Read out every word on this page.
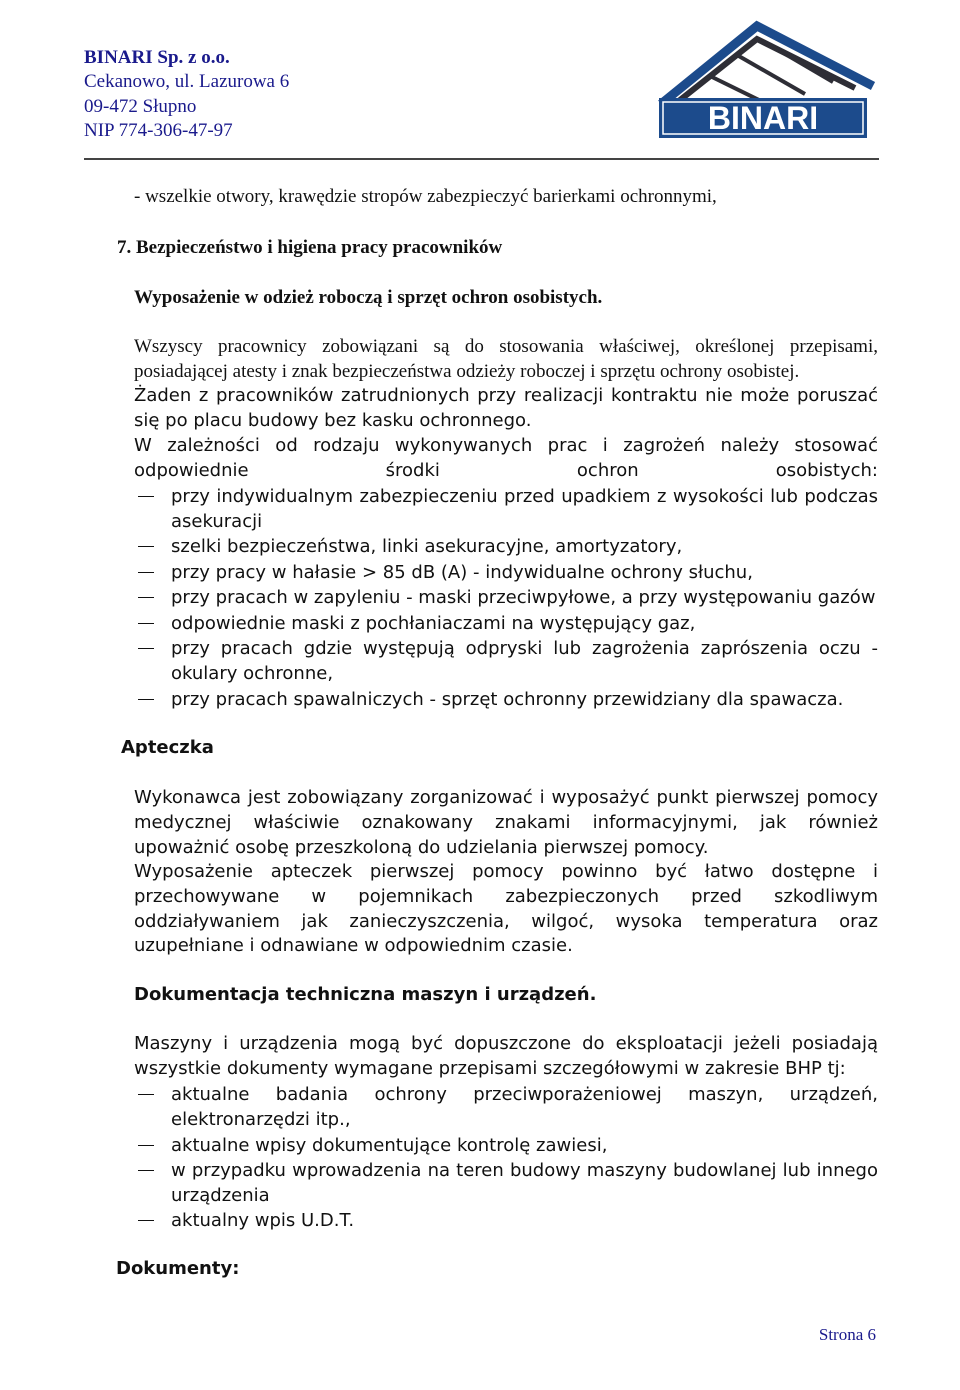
BINARI Sp. z o.o.
Cekanowo, ul. Lazurowa 6
09-472 Słupno
NIP 774-306-47-97	BINARI
- wszelkie otwory, krawędzie stropów zabezpieczyć barierkami ochronnymi,
7. Bezpieczeństwo i higiena pracy pracowników
Wyposażenie w odzież roboczą i sprzęt ochron osobistych.

Wszyscy pracownicy zobowiązani są do stosowania właściwej, określonej przepisami, posiadającej atesty i znak bezpieczeństwa odzieży roboczej i sprzętu ochrony osobistej.

Żaden z pracowników zatrudnionych przy realizacji kontraktu nie może poruszać się po placu budowy bez kasku ochronnego.

W zależności od rodzaju wykonywanych prac i zagrożeń należy stosować odpowiednie środki ochron osobistych:

przy indywidualnym zabezpieczeniu przed upadkiem z wysokości lub podczas asekuracji
szelki bezpieczeństwa, linki asekuracyjne, amortyzatory,
przy pracy w hałasie > 85 dB (A) - indywidualne ochrony słuchu,
przy pracach w zapyleniu - maski przeciwpyłowe, a przy występowaniu gazów
odpowiednie maski z pochłaniaczami na występujący gaz,
przy pracach gdzie występują odpryski lub zagrożenia zaprószenia oczu - okulary ochronne,
przy pracach spawalniczych - sprzęt ochronny przewidziany dla spawacza.
Apteczka

Wykonawca jest zobowiązany zorganizować i wyposażyć punkt pierwszej pomocy medycznej właściwie oznakowany znakami informacyjnymi, jak również upoważnić osobę przeszkoloną do udzielania pierwszej pomocy.

Wyposażenie apteczek pierwszej pomocy powinno być łatwo dostępne i przechowywane w pojemnikach zabezpieczonych przed szkodliwym oddziaływaniem jak zanieczyszczenia, wilgoć, wysoka temperatura oraz uzupełniane i odnawiane w odpowiednim czasie.

Dokumentacja techniczna maszyn i urządzeń.

Maszyny i urządzenia mogą być dopuszczone do eksploatacji jeżeli posiadają wszystkie dokumenty wymagane przepisami szczegółowymi w zakresie BHP tj:

aktualne badania ochrony przeciwporażeniowej maszyn, urządzeń, elektronarzędzi itp.,
aktualne wpisy dokumentujące kontrolę zawiesi,
w przypadku wprowadzenia na teren budowy maszyny budowlanej lub innego urządzenia
aktualny wpis U.D.T.
Dokumenty:
Strona 6
